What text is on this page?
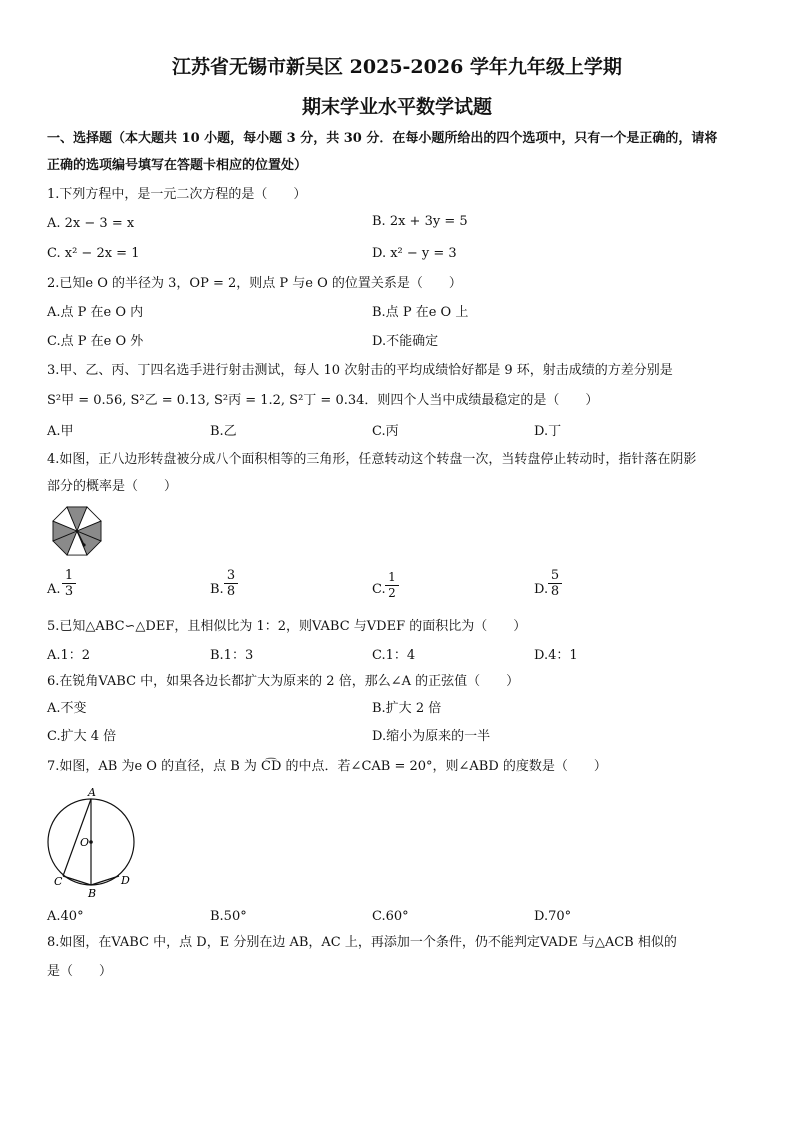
江苏省无锡市新吴区 2025-2026 学年九年级上学期
期末学业水平数学试题
一、选择题（本大题共 10 小题，每小题 3 分，共 30 分．在每小题所给出的四个选项中，只有一个是正确的，请将
正确的选项编号填写在答题卡相应的位置处）
1.下列方程中，是一元二次方程的是（　　）
A. 2x − 3 = x	B. 2x + 3y = 5
C. x² − 2x = 1	D. x² − y = 3
2.已知e O 的半径为 3，OP = 2，则点 P 与e O 的位置关系是（　　）
A.点 P 在e O 内	B.点 P 在e O 上
C.点 P 在e O 外	D.不能确定
3.甲、乙、丙、丁四名选手进行射击测试，每人 10 次射击的平均成绩恰好都是 9 环，射击成绩的方差分别是
S²甲 = 0.56, S²乙 = 0.13, S²丙 = 1.2, S²丁 = 0.34．则四个人当中成绩最稳定的是（　　）
A.甲	B.乙	C.丙	D.丁
4.如图，正八边形转盘被分成八个面积相等的三角形，任意转动这个转盘一次，当转盘停止转动时，指针落在阴影
部分的概率是（　　）
A. $\frac{1}{3}$	B. $\frac{3}{8}$	C. $\frac{1}{2}$	D. $\frac{5}{8}$
5.已知△ABC∽△DEF，且相似比为 1：2，则VABC 与VDEF 的面积比为（　　）
A.1：2	B.1：3	C.1：4	D.4：1
6.在锐角VABC 中，如果各边长都扩大为原来的 2 倍，那么∠A 的正弦值（　　）
A.不变	B.扩大 2 倍
C.扩大 4 倍	D.缩小为原来的一半
7.如图，AB 为e O 的直径，点 B 为 C͡D 的中点．若∠CAB = 20°，则∠ABD 的度数是（　　）
A
O
C
B
D
A.40°	B.50°	C.60°	D.70°
8.如图，在VABC 中，点 D，E 分别在边 AB，AC 上，再添加一个条件，仍不能判定VADE 与△ACB 相似的
是（　　）
